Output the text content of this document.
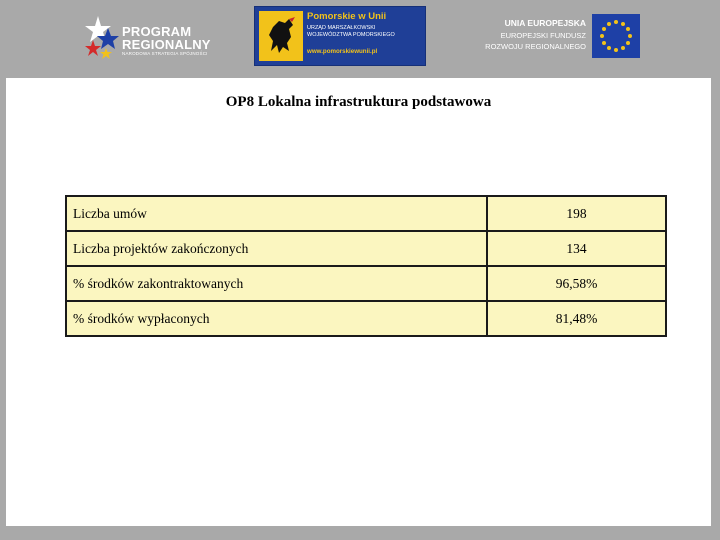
PROGRAM
REGIONALNY
NARODOWA STRATEGIA SPÓJNOŚCI
Pomorskie w Unii
URZĄD MARSZAŁKOWSKI
WOJEWÓDZTWA POMORSKIEGO
www.pomorskiewunii.pl
UNIA EUROPEJSKA
EUROPEJSKI FUNDUSZ
ROZWOJU REGIONALNEGO
OP8 Lokalna infrastruktura podstawowa
Liczba umów	198
Liczba projektów zakończonych	134
% środków zakontraktowanych	96,58%
% środków wypłaconych	81,48%
